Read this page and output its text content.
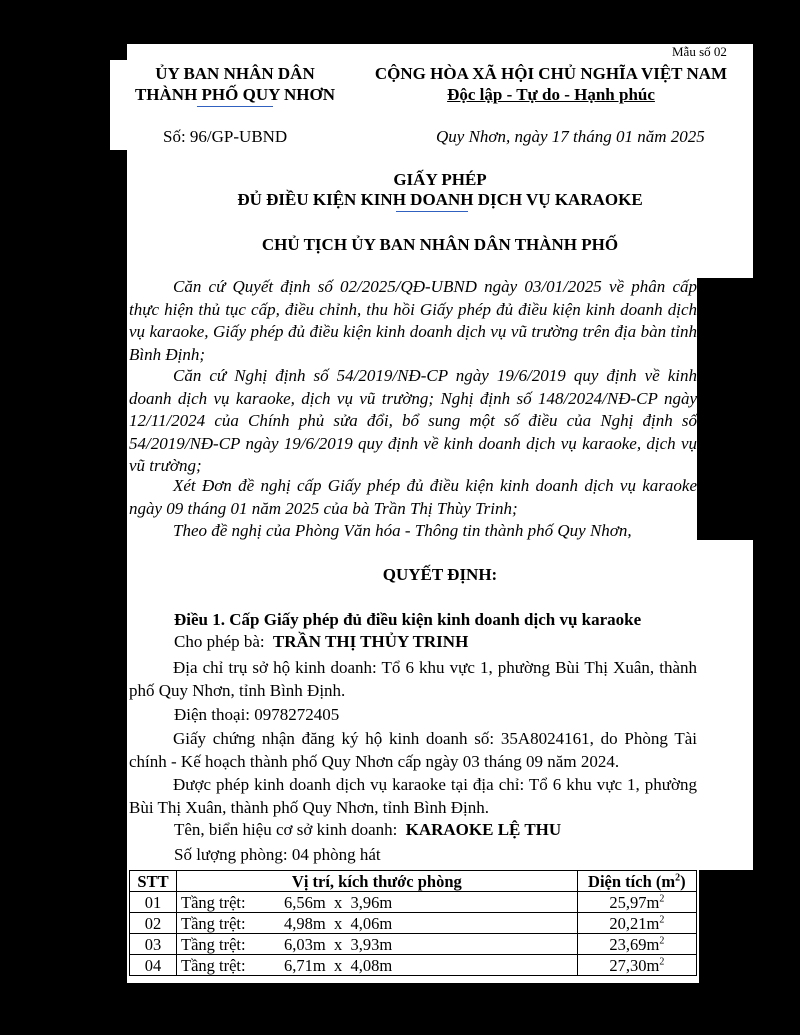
Mẫu số 02
ỦY BAN NHÂN DÂN
THÀNH PHỐ QUY NHƠN
CỘNG HÒA XÃ HỘI CHỦ NGHĨA VIỆT NAM
Độc lập - Tự do - Hạnh phúc
Số: 96/GP-UBND	Quy Nhơn, ngày 17 tháng 01 năm 2025
GIẤY PHÉP
ĐỦ ĐIỀU KIỆN KINH DOANH DỊCH VỤ KARAOKE
CHỦ TỊCH ỦY BAN NHÂN DÂN THÀNH PHỐ
Căn cứ Quyết định số 02/2025/QĐ-UBND ngày 03/01/2025 về phân cấp thực hiện thủ tục cấp, điều chỉnh, thu hồi Giấy phép đủ điều kiện kinh doanh dịch vụ karaoke, Giấy phép đủ điều kiện kinh doanh dịch vụ vũ trường trên địa bàn tỉnh Bình Định;
Căn cứ Nghị định số 54/2019/NĐ-CP ngày 19/6/2019 quy định về kinh doanh dịch vụ karaoke, dịch vụ vũ trường; Nghị định số 148/2024/NĐ-CP ngày 12/11/2024 của Chính phủ sửa đổi, bổ sung một số điều của Nghị định số 54/2019/NĐ-CP ngày 19/6/2019 quy định về kinh doanh dịch vụ karaoke, dịch vụ vũ trường;
Xét Đơn đề nghị cấp Giấy phép đủ điều kiện kinh doanh dịch vụ karaoke ngày 09 tháng 01 năm 2025 của bà Trần Thị Thùy Trinh;
Theo đề nghị của Phòng Văn hóa - Thông tin thành phố Quy Nhơn,
QUYẾT ĐỊNH:
Điều 1. Cấp Giấy phép đủ điều kiện kinh doanh dịch vụ karaoke
Cho phép bà: TRẦN THỊ THỦY TRINH
Địa chỉ trụ sở hộ kinh doanh: Tổ 6 khu vực 1, phường Bùi Thị Xuân, thành phố Quy Nhơn, tỉnh Bình Định.
Điện thoại: 0978272405
Giấy chứng nhận đăng ký hộ kinh doanh số: 35A8024161, do Phòng Tài chính - Kế hoạch thành phố Quy Nhơn cấp ngày 03 tháng 09 năm 2024.
Được phép kinh doanh dịch vụ karaoke tại địa chỉ: Tổ 6 khu vực 1, phường Bùi Thị Xuân, thành phố Quy Nhơn, tỉnh Bình Định.
Tên, biển hiệu cơ sở kinh doanh: KARAOKE LỆ THU
Số lượng phòng: 04 phòng hát
STT	Vị trí, kích thước phòng		Diện tích $(m^2)$
01	Tầng trệt:	6,56m  x  3,96m	$25,97m^2$
02	Tầng trệt:	4,98m  x  4,06m	$20,21m^2$
03	Tầng trệt:	6,03m  x  3,93m	$23,69m^2$
04	Tầng trệt:	6,71m  x  4,08m	$27,30m^2$
